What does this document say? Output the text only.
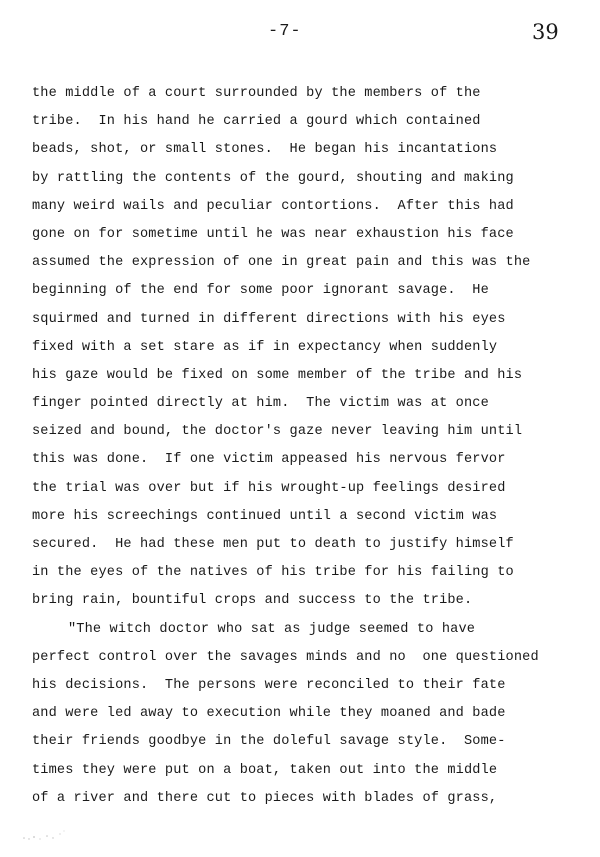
-7-	39
the middle of a court surrounded by the members of the
tribe.  In his hand he carried a gourd which contained
beads, shot, or small stones.  He began his incantations
by rattling the contents of the gourd, shouting and making
many weird wails and peculiar contortions.  After this had
gone on for sometime until he was near exhaustion his face
assumed the expression of one in great pain and this was the
beginning of the end for some poor ignorant savage.  He
squirmed and turned in different directions with his eyes
fixed with a set stare as if in expectancy when suddenly
his gaze would be fixed on some member of the tribe and his
finger pointed directly at him.  The victim was at once
seized and bound, the doctor's gaze never leaving him until
this was done.  If one victim appeased his nervous fervor
the trial was over but if his wrought-up feelings desired
more his screechings continued until a second victim was
secured.  He had these men put to death to justify himself
in the eyes of the natives of his tribe for his failing to
bring rain, bountiful crops and success to the tribe.
"The witch doctor who sat as judge seemed to have
perfect control over the savages minds and no  one questioned
his decisions.  The persons were reconciled to their fate
and were led away to execution while they moaned and bade
their friends goodbye in the doleful savage style.  Some-
times they were put on a boat, taken out into the middle
of a river and there cut to pieces with blades of grass,
